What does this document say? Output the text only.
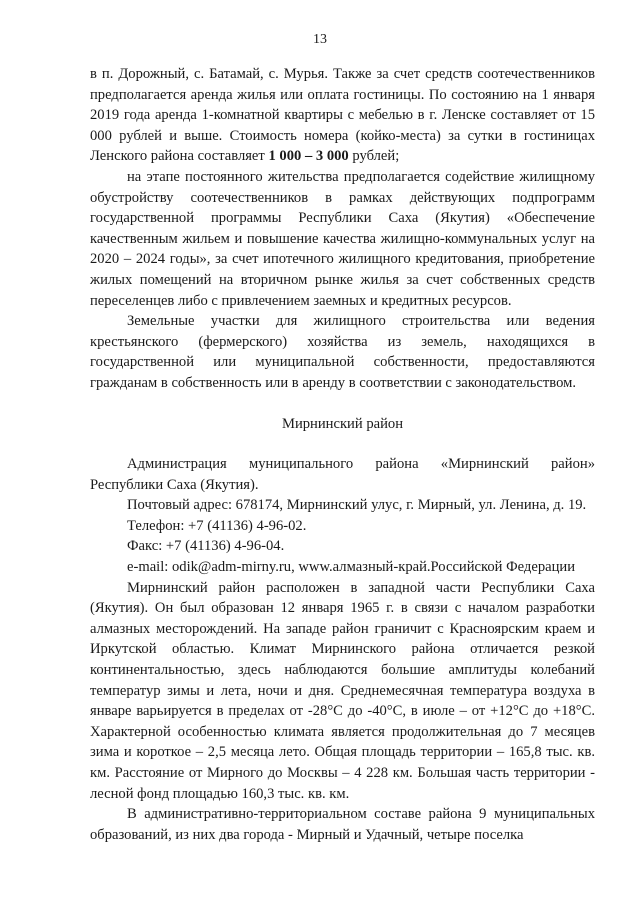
13

в п. Дорожный, с. Батамай, с. Мурья. Также за счет средств соотечественников предполагается аренда жилья или оплата гостиницы. По состоянию на 1 января 2019 года аренда 1-комнатной квартиры с мебелью в г. Ленске составляет от 15 000 рублей и выше. Стоимость номера (койко-места) за сутки в гостиницах Ленского района составляет 1 000 – 3 000 рублей;

на этапе постоянного жительства предполагается содействие жилищному обустройству соотечественников в рамках действующих подпрограмм государственной программы Республики Саха (Якутия) «Обеспечение качественным жильем и повышение качества жилищно-коммунальных услуг на 2020 – 2024 годы», за счет ипотечного жилищного кредитования, приобретение жилых помещений на вторичном рынке жилья за счет собственных средств переселенцев либо с привлечением заемных и кредитных ресурсов.

Земельные участки для жилищного строительства или ведения крестьянского (фермерского) хозяйства из земель, находящихся в государственной или муниципальной собственности, предоставляются гражданам в собственность или в аренду в соответствии с законодательством.

Мирнинский район

Администрация муниципального района «Мирнинский район» Республики Саха (Якутия).

Почтовый адрес: 678174, Мирнинский улус, г. Мирный, ул. Ленина, д. 19.

Телефон: +7 (41136) 4-96-02.

Факс: +7 (41136) 4-96-04.

e-mail: odik@adm-mirny.ru, www.алмазный-край.Российской Федерации

Мирнинский район расположен в западной части Республики Саха (Якутия). Он был образован 12 января 1965 г. в связи с началом разработки алмазных месторождений. На западе район граничит с Красноярским краем и Иркутской областью. Климат Мирнинского района отличается резкой континентальностью, здесь наблюдаются большие амплитуды колебаний температур зимы и лета, ночи и дня. Среднемесячная температура воздуха в январе варьируется в пределах от -28°С до -40°С, в июле – от +12°С до +18°С. Характерной особенностью климата является продолжительная до 7 месяцев зима и короткое – 2,5 месяца лето. Общая площадь территории – 165,8 тыс. кв. км. Расстояние от Мирного до Москвы – 4 228 км. Большая часть территории - лесной фонд площадью 160,3 тыс. кв. км.

В административно-территориальном составе района 9 муниципальных образований, из них два города - Мирный и Удачный, четыре поселка
